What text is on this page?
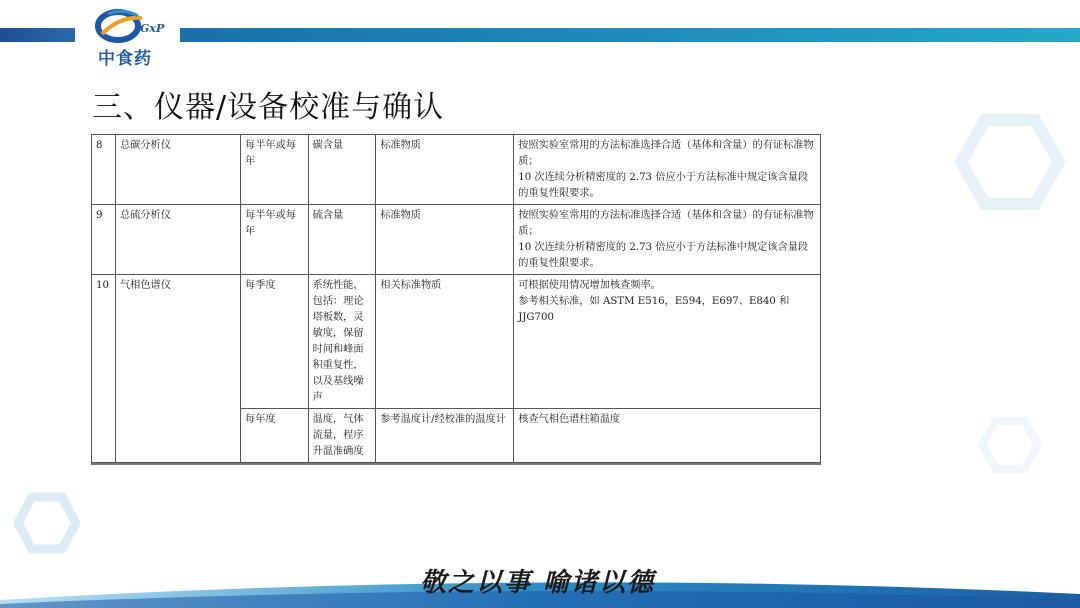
GxP
中食药
三、仪器/设备校准与确认
8	总碳分析仪	每半年或每年	碳含量	标准物质	按照实验室常用的方法标准选择合适（基体和含量）的有证标准物质；
10 次连续分析精密度的 2.73 倍应小于方法标准中规定该含量段的重复性限要求。

9	总硫分析仪	每半年或每年	硫含量	标准物质	按照实验室常用的方法标准选择合适（基体和含量）的有证标准物质；
10 次连续分析精密度的 2.73 倍应小于方法标准中规定该含量段的重复性限要求。

10	气相色谱仪	每季度	系统性能，包括：理论塔板数，灵敏度，保留时间和峰面积重复性，以及基线噪声	相关标准物质	可根据使用情况增加核查频率。
参考相关标准，如 ASTM E516，E594，E697、E840 和 JJG700

		每年度	温度，气体流量，程序升温准确度	参考温度计/经校准的温度计	核查气相色谱柱箱温度
敬之以事 喻诸以德
